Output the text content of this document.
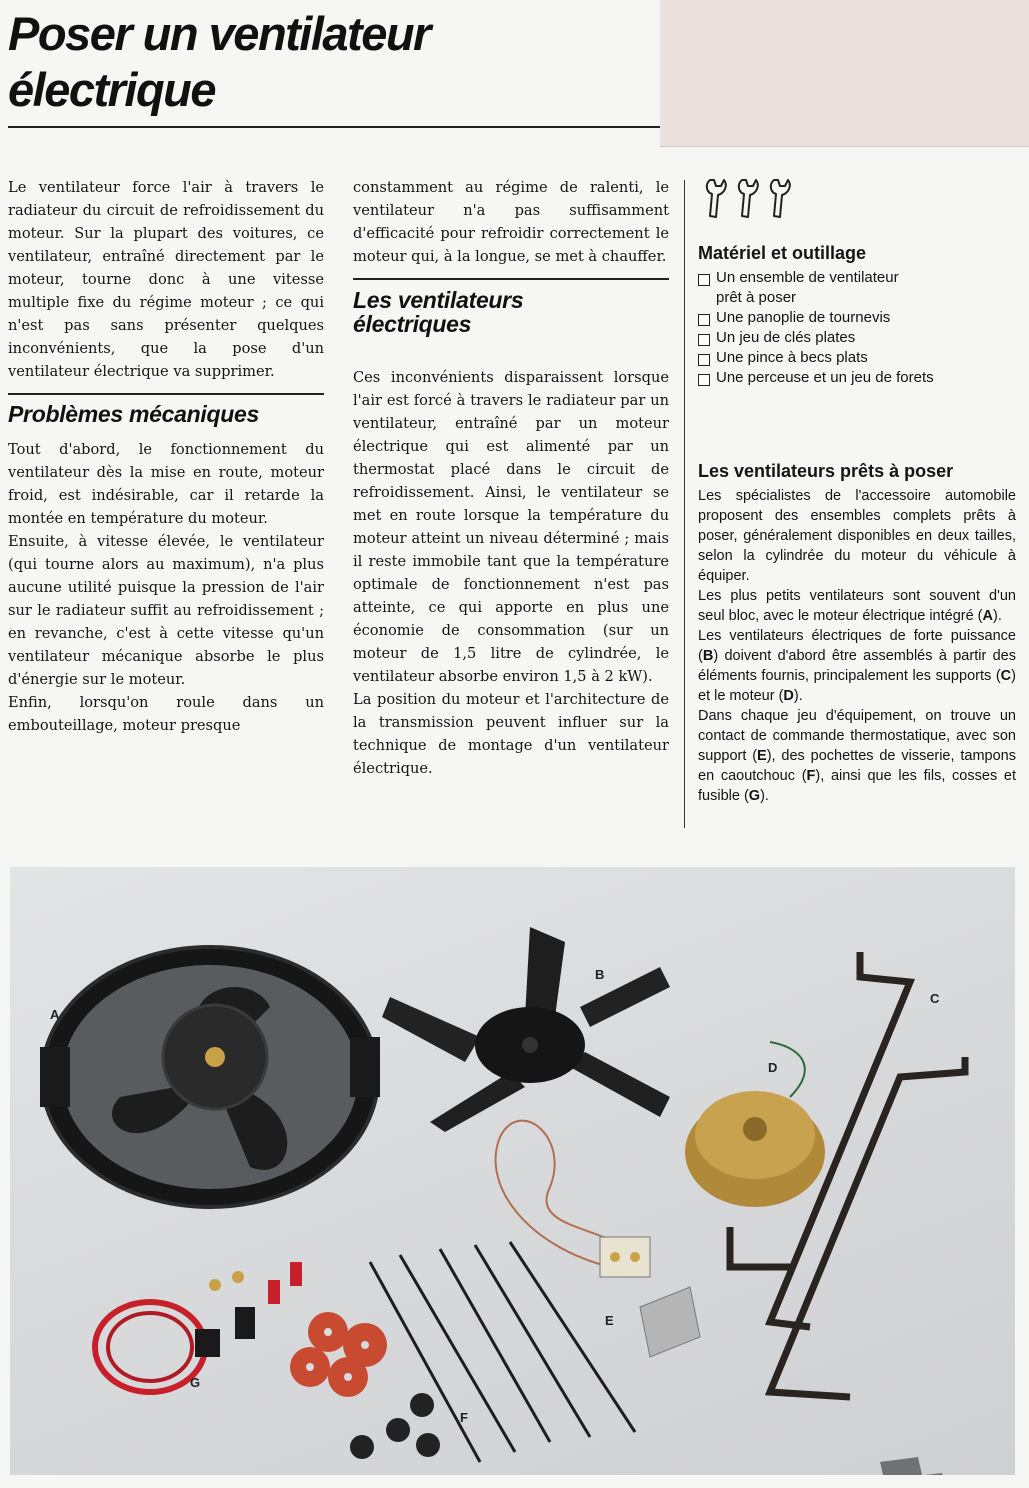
Poser un ventilateur
électrique

Le ventilateur force l'air à travers le radiateur du circuit de refroidissement du moteur. Sur la plupart des voitures, ce ventilateur, entraîné directement par le moteur, tourne donc à une vitesse multiple fixe du régime moteur ; ce qui n'est pas sans présenter quelques inconvénients, que la pose d'un ventilateur électrique va supprimer.

Problèmes mécaniques

Tout d'abord, le fonctionnement du ventilateur dès la mise en route, moteur froid, est indésirable, car il retarde la montée en température du moteur.

Ensuite, à vitesse élevée, le ventilateur (qui tourne alors au maximum), n'a plus aucune utilité puisque la pression de l'air sur le radiateur suffit au refroidissement ; en revanche, c'est à cette vitesse qu'un ventilateur mécanique absorbe le plus d'énergie sur le moteur.

Enfin, lorsqu'on roule dans un embouteillage, moteur presque

constamment au régime de ralenti, le ventilateur n'a pas suffisamment d'efficacité pour refroidir correctement le moteur qui, à la longue, se met à chauffer.

Les ventilateurs
électriques

Ces inconvénients disparaissent lorsque l'air est forcé à travers le radiateur par un ventilateur, entraîné par un moteur électrique qui est alimenté par un thermostat placé dans le circuit de refroidissement. Ainsi, le ventilateur se met en route lorsque la température du moteur atteint un niveau déterminé ; mais il reste immobile tant que la température optimale de fonctionnement n'est pas atteinte, ce qui apporte en plus une économie de consommation (sur un moteur de 1,5 litre de cylindrée, le ventilateur absorbe environ 1,5 à 2 kW).

La position du moteur et l'architecture de la transmission peuvent influer sur la technique de montage d'un ventilateur électrique.

Matériel et outillage
Un ensemble de ventilateur
prêt à poser
Une panoplie de tournevis
Un jeu de clés plates
Une pince à becs plats
Une perceuse et un jeu de forets
Les ventilateurs prêts à poser

Les spécialistes de l'accessoire automobile proposent des ensembles complets prêts à poser, généralement disponibles en deux tailles, selon la cylindrée du moteur du véhicule à équiper.

Les plus petits ventilateurs sont souvent d'un seul bloc, avec le moteur électrique intégré (A).

Les ventilateurs électriques de forte puissance (B) doivent d'abord être assemblés à partir des éléments fournis, principalement les supports (C) et le moteur (D).

Dans chaque jeu d'équipement, on trouve un contact de commande thermostatique, avec son support (E), des pochettes de visserie, tampons en caoutchouc (F), ainsi que les fils, cosses et fusible (G).

A
B
C
D
E
F
G
